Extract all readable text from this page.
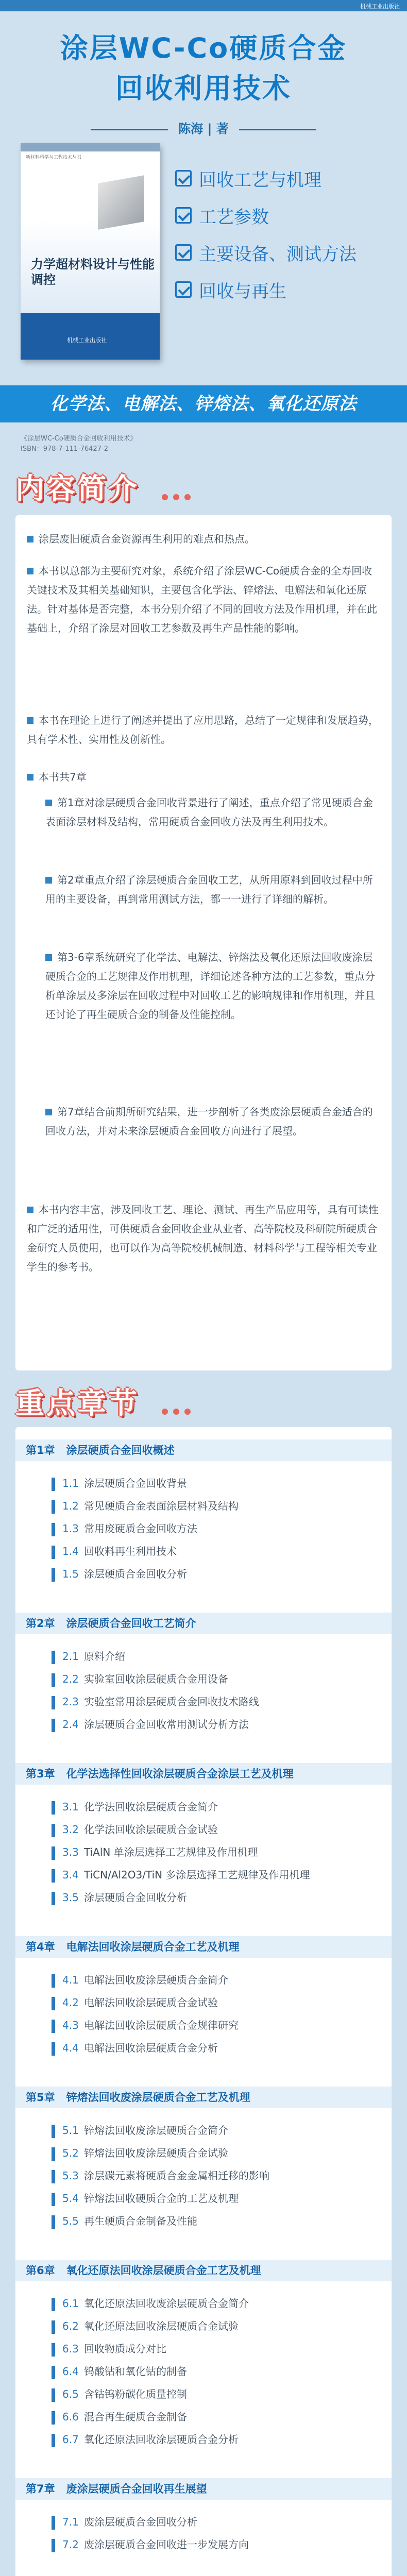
机械工业出版社
涂层WC-Co硬质合金
回收利用技术
陈海 | 著
新材料科学与工程技术丛书
力学超材料设计与性能调控
机械工业出版社
回收工艺与机理
工艺参数
主要设备、测试方法
回收与再生
化学法、电解法、锌熔法、氧化还原法
《涂层WC-Co硬质合金回收利用技术》
ISBN：978-7-111-76427-2
内容简介
涂层废旧硬质合金资源再生利用的难点和热点。
本书以总部为主要研究对象，系统介绍了涂层WC-Co硬质合金的全寿回收关键技术及其相关基础知识，主要包含化学法、锌熔法、电解法和氧化还原法。针对基体是否完整，本书分别介绍了不同的回收方法及作用机理，并在此基础上，介绍了涂层对回收工艺参数及再生产品性能的影响。
本书在理论上进行了阐述并提出了应用思路，总结了一定规律和发展趋势，具有学术性、实用性及创新性。
本书共7章
第1章对涂层硬质合金回收背景进行了阐述，重点介绍了常见硬质合金表面涂层材料及结构，常用硬质合金回收方法及再生利用技术。
第2章重点介绍了涂层硬质合金回收工艺，从所用原料到回收过程中所用的主要设备，再到常用测试方法，都一一进行了详细的解析。
第3-6章系统研究了化学法、电解法、锌熔法及氧化还原法回收废涂层硬质合金的工艺规律及作用机理，详细论述各种方法的工艺参数，重点分析单涂层及多涂层在回收过程中对回收工艺的影响规律和作用机理，并且还讨论了再生硬质合金的制备及性能控制。
第7章结合前期所研究结果，进一步剖析了各类废涂层硬质合金适合的回收方法，并对未来涂层硬质合金回收方向进行了展望。
本书内容丰富，涉及回收工艺、理论、测试、再生产品应用等，具有可读性和广泛的适用性，可供硬质合金回收企业从业者、高等院校及科研院所硬质合金研究人员使用，也可以作为高等院校机械制造、材料科学与工程等相关专业学生的参考书。
重点章节
第1章 涂层硬质合金回收概述
1.1 涂层硬质合金回收背景
1.2 常见硬质合金表面涂层材料及结构
1.3 常用废硬质合金回收方法
1.4 回收料再生利用技术
1.5 涂层硬质合金回收分析
第2章 涂层硬质合金回收工艺简介
2.1 原料介绍
2.2 实验室回收涂层硬质合金用设备
2.3 实验室常用涂层硬质合金回收技术路线
2.4 涂层硬质合金回收常用测试分析方法
第3章 化学法选择性回收涂层硬质合金涂层工艺及机理
3.1 化学法回收涂层硬质合金简介
3.2 化学法回收涂层硬质合金试验
3.3 TiAlN 单涂层选择工艺规律及作用机理
3.4 TiCN/Al2O3/TiN 多涂层选择工艺规律及作用机理
3.5 涂层硬质合金回收分析
第4章 电解法回收涂层硬质合金工艺及机理
4.1 电解法回收废涂层硬质合金简介
4.2 电解法回收涂层硬质合金试验
4.3 电解法回收涂层硬质合金规律研究
4.4 电解法回收涂层硬质合金分析
第5章 锌熔法回收废涂层硬质合金工艺及机理
5.1 锌熔法回收废涂层硬质合金简介
5.2 锌熔法回收废涂层硬质合金试验
5.3 涂层碳元素将硬质合金金属相迁移的影响
5.4 锌熔法回收硬质合金的工艺及机理
5.5 再生硬质合金制备及性能
第6章 氧化还原法回收涂层硬质合金工艺及机理
6.1 氧化还原法回收废涂层硬质合金简介
6.2 氧化还原法回收涂层硬质合金试验
6.3 回收物质成分对比
6.4 钨酸钴和氧化钴的制备
6.5 含钴钨粉碳化质量控制
6.6 混合再生硬质合金制备
6.7 氧化还原法回收涂层硬质合金分析
第7章 废涂层硬质合金回收再生展望
7.1 废涂层硬质合金回收分析
7.2 废涂层硬质合金回收进一步发展方向
